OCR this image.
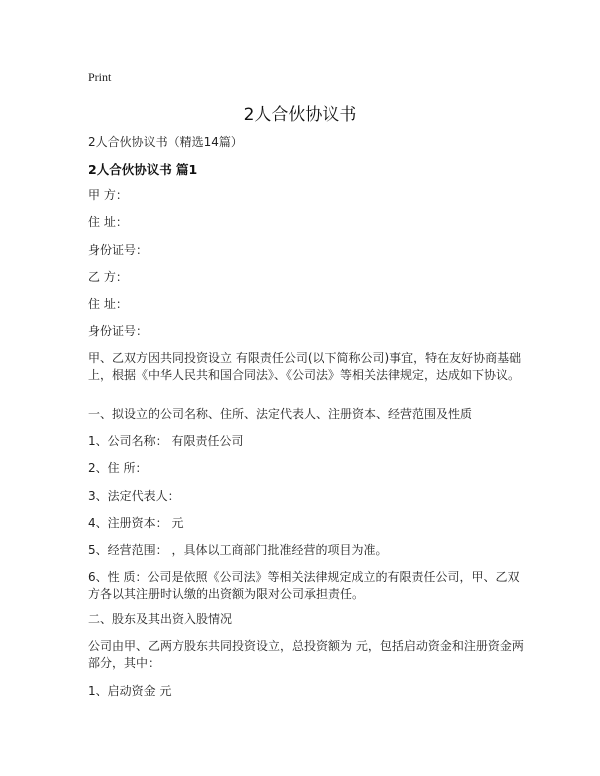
Print
2人合伙协议书
2人合伙协议书（精选14篇）
2人合伙协议书 篇1
甲 方：
住 址：
身份证号：
乙 方：
住 址：
身份证号：
甲、乙双方因共同投资设立 有限责任公司(以下简称公司)事宜，特在友好协商基础上，根据《中华人民共和国合同法》、《公司法》等相关法律规定，达成如下协议。
一、拟设立的公司名称、住所、法定代表人、注册资本、经营范围及性质
1、公司名称： 有限责任公司
2、住 所：
3、法定代表人：
4、注册资本： 元
5、经营范围： ，具体以工商部门批准经营的项目为准。
6、性 质：公司是依照《公司法》等相关法律规定成立的有限责任公司，甲、乙双方各以其注册时认缴的出资额为限对公司承担责任。
二、股东及其出资入股情况
公司由甲、乙两方股东共同投资设立，总投资额为 元，包括启动资金和注册资金两部分，其中：
1、启动资金 元
